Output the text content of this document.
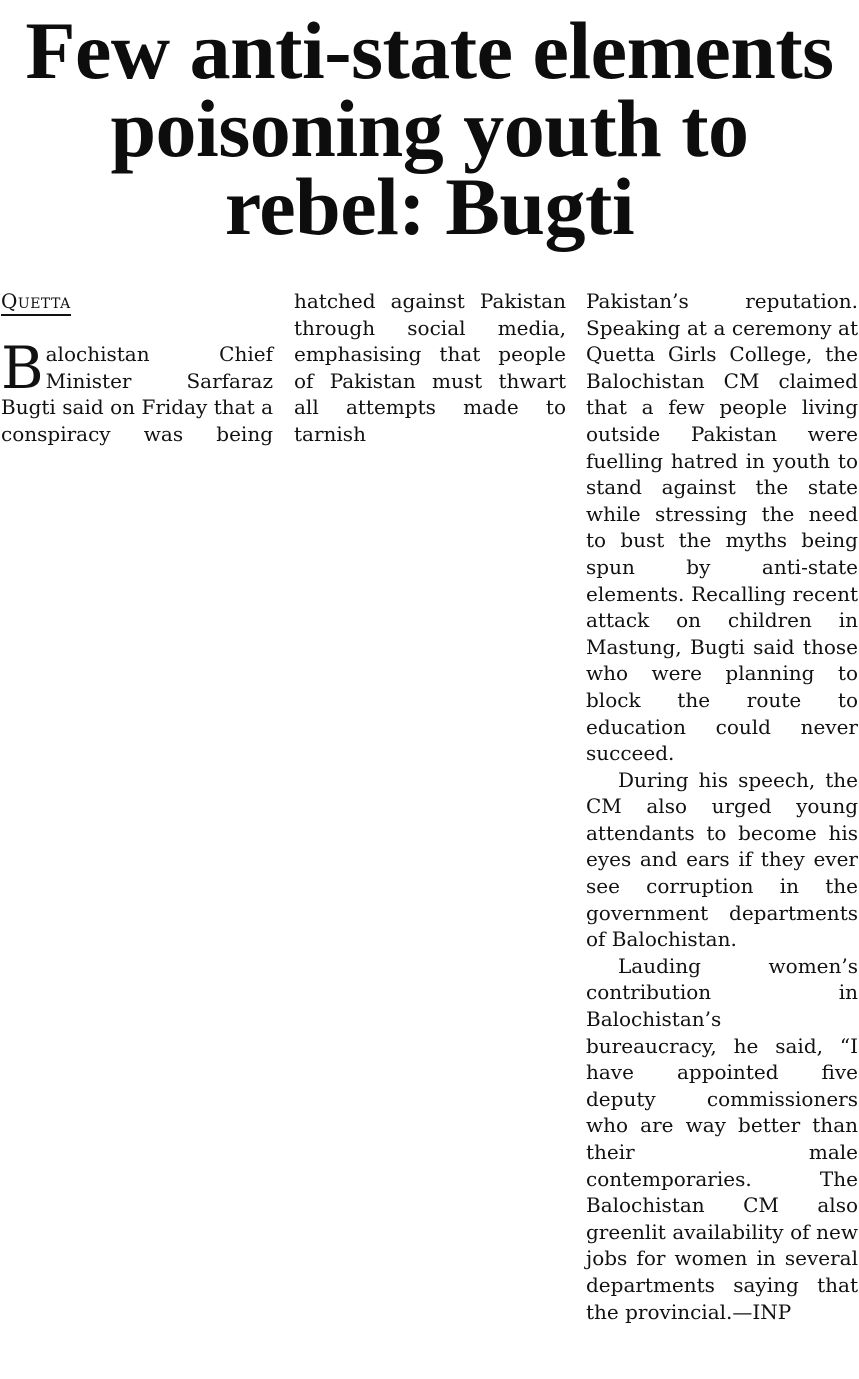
Few anti-state elements
poisoning youth to
rebel: Bugti
Quetta

Balochistan Chief Minister Sarfaraz Bugti said on Friday that a conspiracy was being

hatched against Pakistan through social media, emphasising that people of Pakistan must thwart all attempts made to tarnish

Pakistan’s reputation. Speaking at a ceremony at Quetta Girls College, the Balochistan CM claimed that a few people living outside Pakistan were fuelling hatred in youth to stand against the state while stressing the need to bust the myths being spun by anti-state elements. Recalling recent attack on children in Mastung, Bugti said those who were planning to block the route to education could never succeed.

During his speech, the CM also urged young attendants to become his eyes and ears if they ever see corruption in the government departments of Balochistan.

Lauding women’s contribution in Balochistan’s bureaucracy, he said, “I have appointed five deputy commissioners who are way better than their male contemporaries. The Balochistan CM also greenlit availability of new jobs for women in several departments saying that the provincial.—INP
